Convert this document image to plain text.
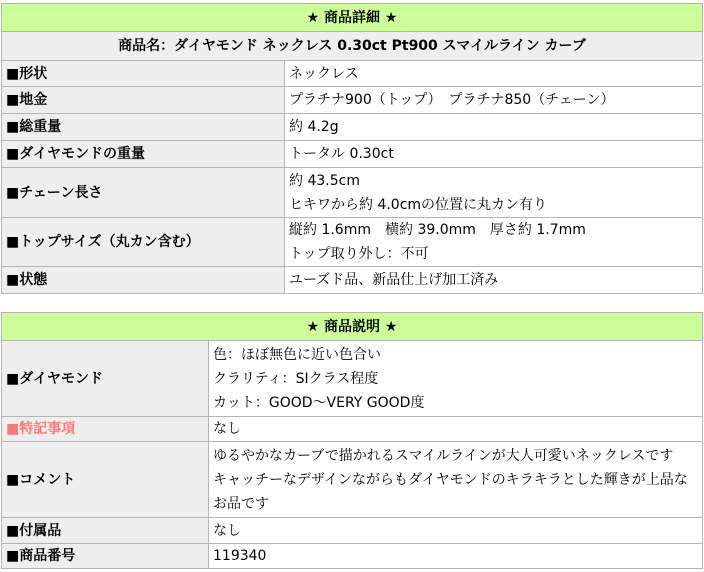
★ 商品詳細 ★	
商品名：ダイヤモンド ネックレス 0.30ct Pt900 スマイルライン カーブ	
■形状	ネックレス
■地金	プラチナ900（トップ）　プラチナ850（チェーン）
■総重量	約 4.2g
■ダイヤモンドの重量	トータル 0.30ct
■チェーン長さ	約 43.5cm
ヒキワから約 4.0cmの位置に丸カン有り

■トップサイズ（丸カン含む）	縦約 1.6mm　横約 39.0mm　厚さ約 1.7mm
トップ取り外し：不可

■状態	ユーズド品、新品仕上げ加工済み
★ 商品説明 ★	
■ダイヤモンド	色：ほぼ無色に近い色合い
クラリティ：SIクラス程度
カット：GOOD～VERY GOOD度

■特記事項	なし
■コメント	ゆるやかなカーブで描かれるスマイルラインが大人可愛いネックレスです
キャッチーなデザインながらもダイヤモンドのキラキラとした輝きが上品な
お品です

■付属品	なし
■商品番号	119340
